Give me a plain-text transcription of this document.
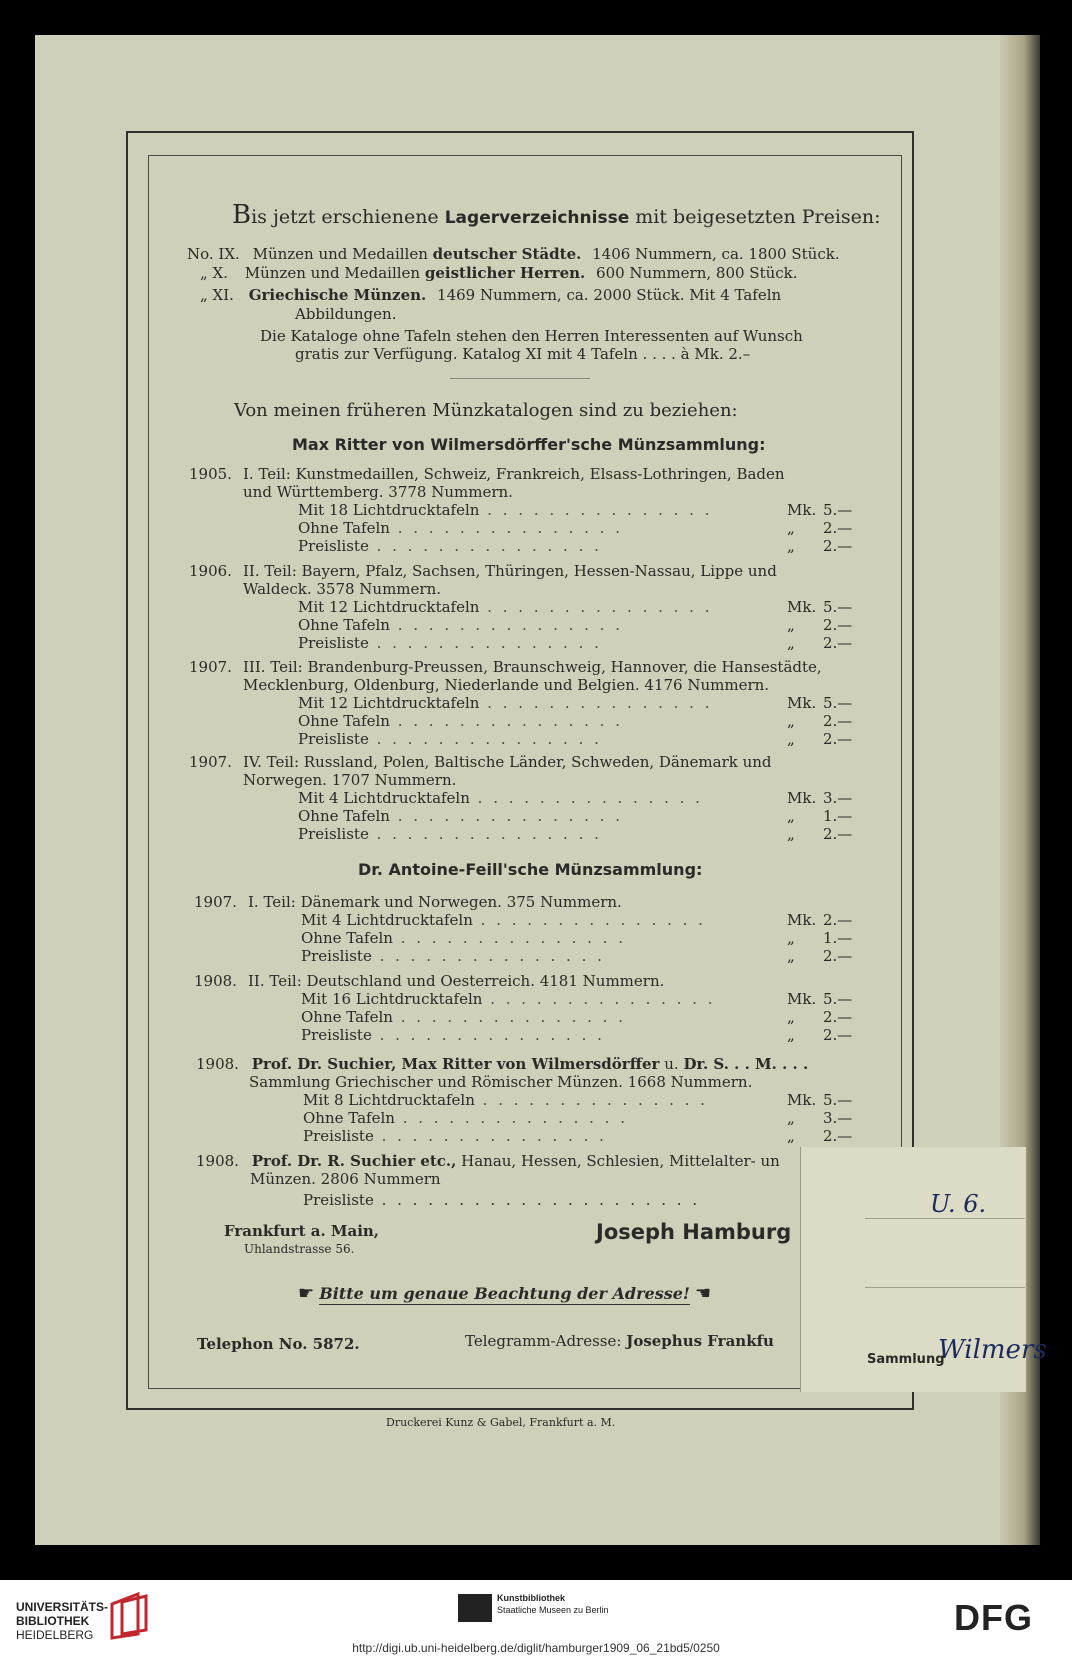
Bis jetzt erschienene Lagerverzeichnisse mit beigesetzten Preisen:
No. IX. Münzen und Medaillen deutscher Städte. 1406 Nummern, ca. 1800 Stück.
„ X. Münzen und Medaillen geistlicher Herren. 600 Nummern, 800 Stück.
„ XI. Griechische Münzen. 1469 Nummern, ca. 2000 Stück. Mit 4 Tafeln
Abbildungen.
Die Kataloge ohne Tafeln stehen den Herren Interessenten auf Wunsch
gratis zur Verfügung. Katalog XI mit 4 Tafeln . . . . à Mk. 2.–
Von meinen früheren Münzkatalogen sind zu beziehen:
Max Ritter von Wilmersdörffer'sche Münzsammlung:
1905. I. Teil: Kunstmedaillen, Schweiz, Frankreich, Elsass-Lothringen, Baden
und Württemberg. 3778 Nummern.
Mit 18 Lichtdrucktafeln . . . . . . . . . . . . . . .	Mk. 5.—
Ohne Tafeln . . . . . . . . . . . . . . .	„ 2.—
Preisliste . . . . . . . . . . . . . . .	„ 2.—
1906. II. Teil: Bayern, Pfalz, Sachsen, Thüringen, Hessen-Nassau, Lippe und
Waldeck. 3578 Nummern.
Mit 12 Lichtdrucktafeln . . . . . . . . . . . . . . .	Mk. 5.—
Ohne Tafeln . . . . . . . . . . . . . . .	„ 2.—
Preisliste . . . . . . . . . . . . . . .	„ 2.—
1907. III. Teil: Brandenburg-Preussen, Braunschweig, Hannover, die Hansestädte,
Mecklenburg, Oldenburg, Niederlande und Belgien. 4176 Nummern.
Mit 12 Lichtdrucktafeln . . . . . . . . . . . . . . .	Mk. 5.—
Ohne Tafeln . . . . . . . . . . . . . . .	„ 2.—
Preisliste . . . . . . . . . . . . . . .	„ 2.—
1907. IV. Teil: Russland, Polen, Baltische Länder, Schweden, Dänemark und
Norwegen. 1707 Nummern.
Mit 4 Lichtdrucktafeln . . . . . . . . . . . . . . .	Mk. 3.—
Ohne Tafeln . . . . . . . . . . . . . . .	„ 1.—
Preisliste . . . . . . . . . . . . . . .	„ 2.—
Dr. Antoine-Feill'sche Münzsammlung:
1907. I. Teil: Dänemark und Norwegen. 375 Nummern.
Mit 4 Lichtdrucktafeln . . . . . . . . . . . . . . .	Mk. 2.—
Ohne Tafeln . . . . . . . . . . . . . . .	„ 1.—
Preisliste . . . . . . . . . . . . . . .	„ 2.—
1908. II. Teil: Deutschland und Oesterreich. 4181 Nummern.
Mit 16 Lichtdrucktafeln . . . . . . . . . . . . . . .	Mk. 5.—
Ohne Tafeln . . . . . . . . . . . . . . .	„ 2.—
Preisliste . . . . . . . . . . . . . . .	„ 2.—
1908. Prof. Dr. Suchier, Max Ritter von Wilmersdörffer u. Dr. S. . . M. . . .
Sammlung Griechischer und Römischer Münzen. 1668 Nummern.
Mit 8 Lichtdrucktafeln . . . . . . . . . . . . . . .	Mk. 5.—
Ohne Tafeln . . . . . . . . . . . . . . .	„ 3.—
Preisliste . . . . . . . . . . . . . . .	„ 2.—
1908. Prof. Dr. R. Suchier etc., Hanau, Hessen, Schlesien, Mittelalter- un
Münzen. 2806 Nummern
Preisliste . . . . . . . . . . . . . . . . . . . . .
Frankfurt a. Main,
Uhlandstrasse 56.
Joseph Hamburg
☛ Bitte um genaue Beachtung der Adresse! ☛
Telephon No. 5872.	Telegramm-Adresse: Josephus Frankfu
U. 6.
Sammlung
Wilmers
Druckerei Kunz & Gabel, Frankfurt a. M.
UNIVERSITÄTS-
BIBLIOTHEK
HEIDELBERG
Kunstbibliothek
Staatliche Museen zu Berlin	DFG
http://digi.ub.uni-heidelberg.de/diglit/hamburger1909_06_21bd5/0250
